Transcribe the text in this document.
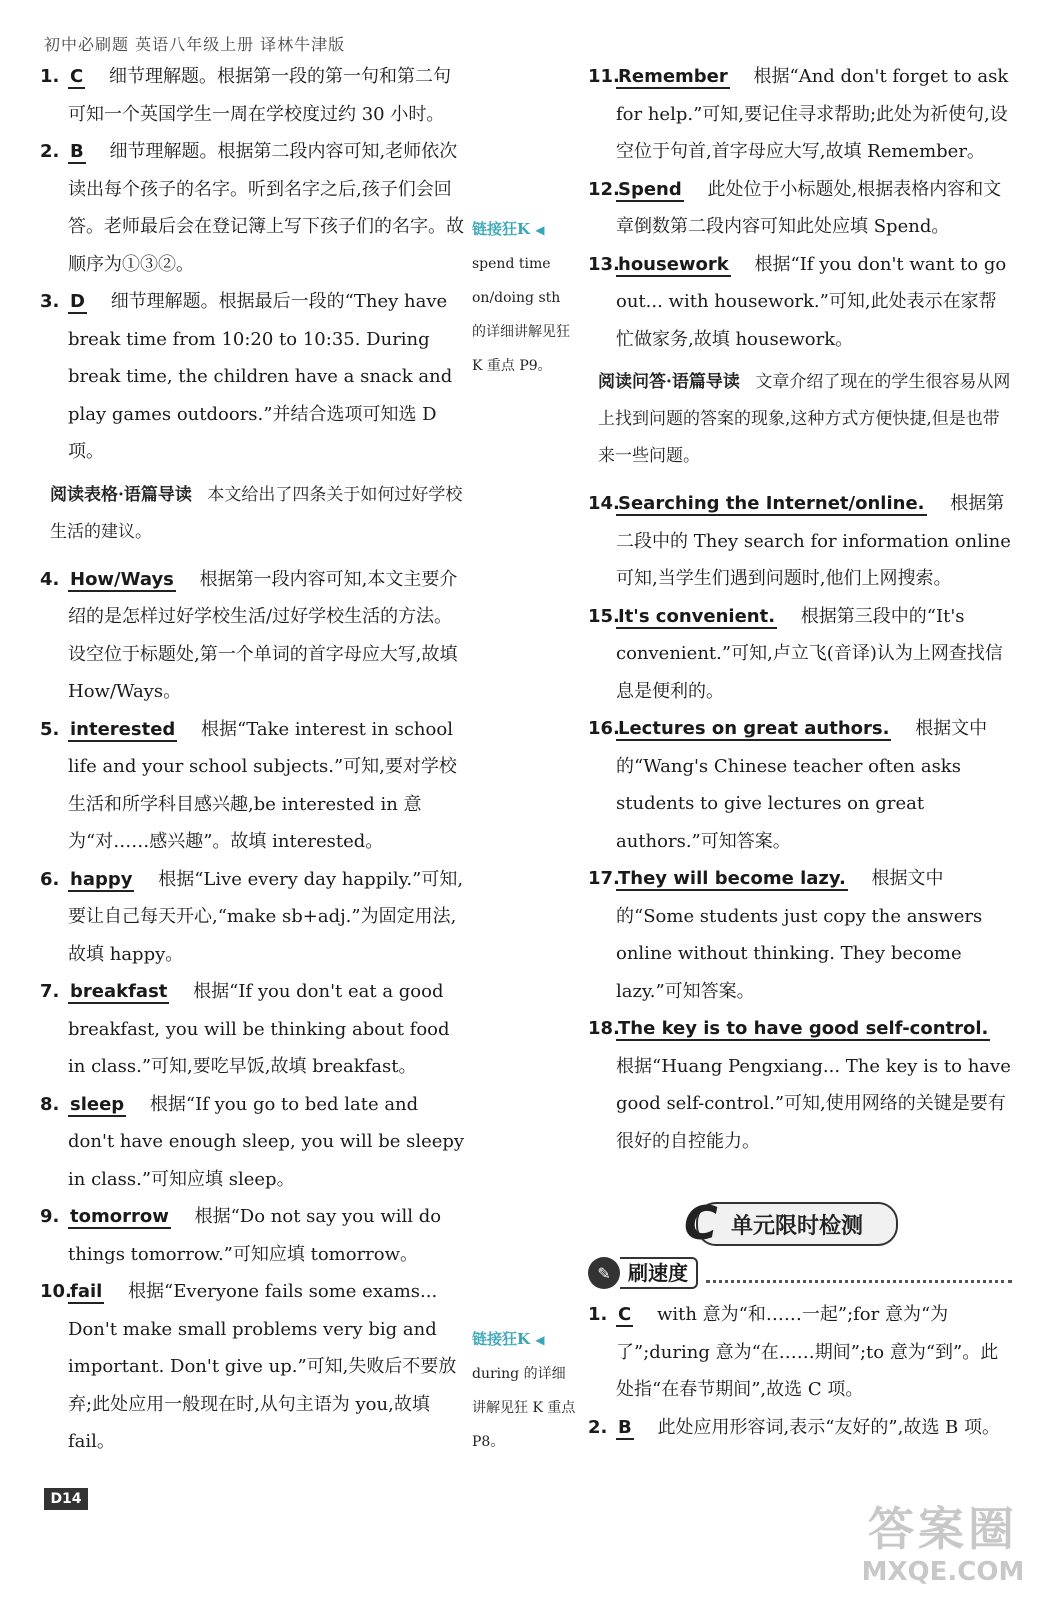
初中必刷题 英语八年级上册 译林牛津版
1. C 细节理解题。根据第一段的第一句和第二句可知一个英国学生一周在学校度过约 30 小时。
2. B 细节理解题。根据第二段内容可知,老师依次读出每个孩子的名字。听到名字之后,孩子们会回答。老师最后会在登记簿上写下孩子们的名字。故顺序为①③②。
3. D 细节理解题。根据最后一段的“They have break time from 10:20 to 10:35. During break time, the children have a snack and play games outdoors.”并结合选项可知选 D 项。
阅读表格·语篇导读 本文给出了四条关于如何过好学校生活的建议。
4. How/Ways 根据第一段内容可知,本文主要介绍的是怎样过好学校生活/过好学校生活的方法。设空位于标题处,第一个单词的首字母应大写,故填 How/Ways。
5. interested 根据“Take interest in school life and your school subjects.”可知,要对学校生活和所学科目感兴趣,be interested in 意为“对……感兴趣”。故填 interested。
6. happy 根据“Live every day happily.”可知,要让自己每天开心,“make sb+adj.”为固定用法,故填 happy。
7. breakfast 根据“If you don't eat a good breakfast, you will be thinking about food in class.”可知,要吃早饭,故填 breakfast。
8. sleep 根据“If you go to bed late and don't have enough sleep, you will be sleepy in class.”可知应填 sleep。
9. tomorrow 根据“Do not say you will do things tomorrow.”可知应填 tomorrow。
10.
fail 根据“Everyone fails some exams... Don't make small problems very big and important. Don't give up.”可知,失败后不要放弃;此处应用一般现在时,从句主语为 you,故填 fail。
链接狂K ◀
spend time on/doing sth 的详细讲解见狂 K 重点 P9。
链接狂K ◀
during 的详细讲解见狂 K 重点 P8。
11.
Remember 根据“And don't forget to ask for help.”可知,要记住寻求帮助;此处为祈使句,设空位于句首,首字母应大写,故填 Remember。
12.
Spend 此处位于小标题处,根据表格内容和文章倒数第二段内容可知此处应填 Spend。
13.
housework 根据“If you don't want to go out... with housework.”可知,此处表示在家帮忙做家务,故填 housework。
阅读问答·语篇导读 文章介绍了现在的学生很容易从网上找到问题的答案的现象,这种方式方便快捷,但是也带来一些问题。
14.
Searching the Internet/online. 根据第二段中的 They search for information online 可知,当学生们遇到问题时,他们上网搜索。
15.
It's convenient. 根据第三段中的“It's convenient.”可知,卢立飞(音译)认为上网查找信息是便利的。
16.
Lectures on great authors. 根据文中的“Wang's Chinese teacher often asks students to give lectures on great authors.”可知答案。
17.
They will become lazy. 根据文中的“Some students just copy the answers online without thinking. They become lazy.”可知答案。
18.
The key is to have good self-control. 根据“Huang Pengxiang... The key is to have good self-control.”可知,使用网络的关键是要有很好的自控能力。
C 单元限时检测
✎ 刷速度
1. C with 意为“和……一起”;for 意为“为了”;during 意为“在……期间”;to 意为“到”。此处指“在春节期间”,故选 C 项。
2. B 此处应用形容词,表示“友好的”,故选 B 项。
D14
答案圈
MXQE.COM
